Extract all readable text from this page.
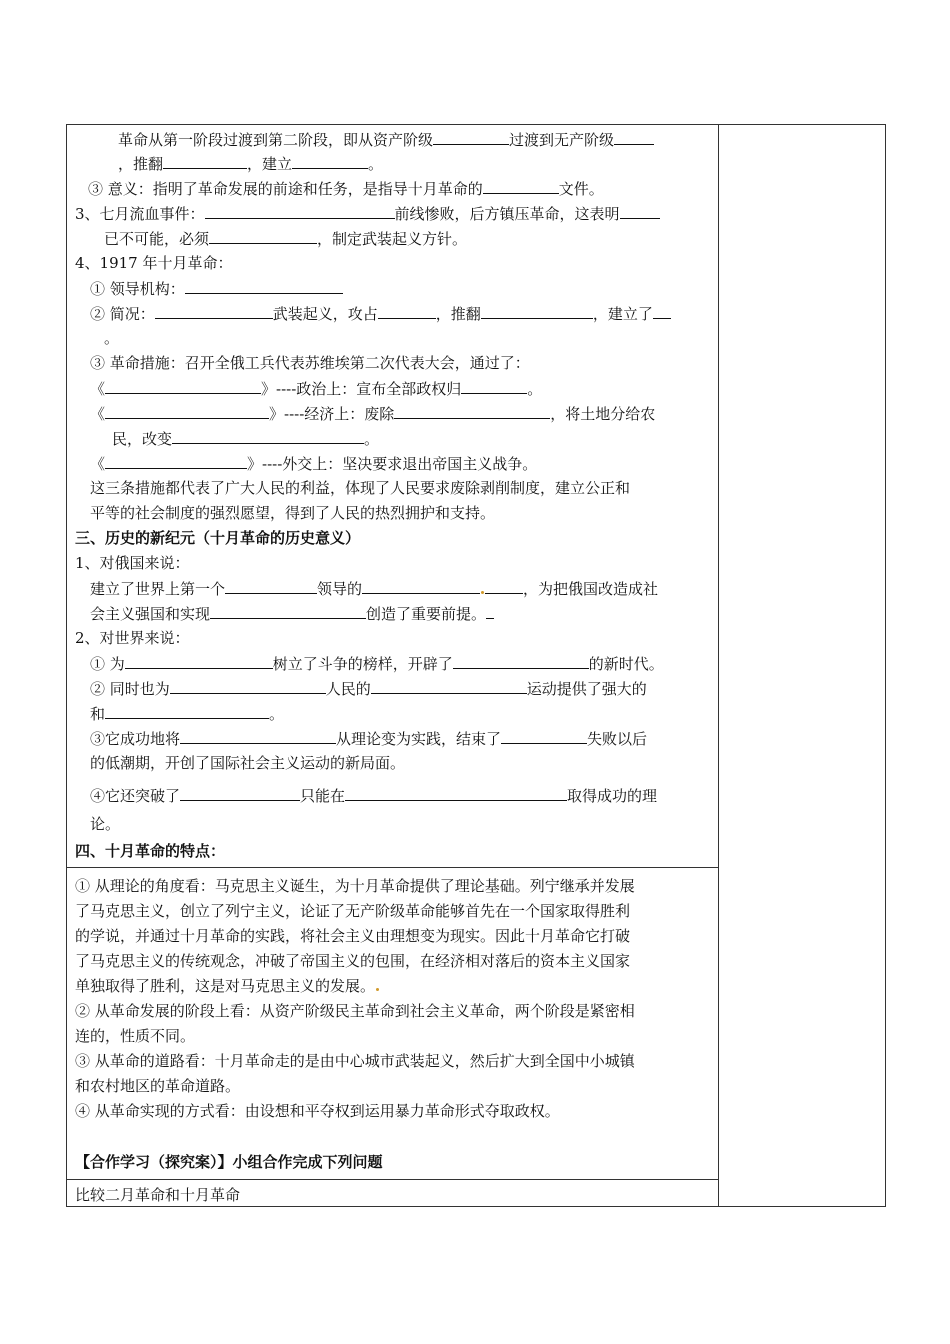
革命从第一阶段过渡到第二阶段，即从资产阶级	过渡到无产阶级
，推翻	，建立	。
③ 意义：指明了革命发展的前途和任务，是指导十月革命的	文件。
3、七月流血事件：	前线惨败，后方镇压革命，这表明
已不可能，必须	，制定武装起义方针。
4、1917 年十月革命：
① 领导机构：
② 简况：	武装起义，攻占	，推翻	，建立了
。
③ 革命措施：召开全俄工兵代表苏维埃第二次代表大会，通过了：
《	》----政治上：宣布全部政权归	。
《	》----经济上：废除	，将土地分给农
民，改变	。
《	》----外交上：坚决要求退出帝国主义战争。
这三条措施都代表了广大人民的利益，体现了人民要求废除剥削制度，建立公正和
平等的社会制度的强烈愿望，得到了人民的热烈拥护和支持。
三、历史的新纪元（十月革命的历史意义）
1、对俄国来说：
建立了世界上第一个	领导的	，为把俄国改造成社
会主义强国和实现	创造了重要前提。
2、对世界来说：
① 为	树立了斗争的榜样，开辟了	的新时代。
② 同时也为	人民的	运动提供了强大的
和	。
③它成功地将	从理论变为实践，结束了	失败以后
的低潮期，开创了国际社会主义运动的新局面。
④它还突破了	只能在	取得成功的理
论。
四、十月革命的特点：
① 从理论的角度看：马克思主义诞生，为十月革命提供了理论基础。列宁继承并发展
了马克思主义，创立了列宁主义，论证了无产阶级革命能够首先在一个国家取得胜利
的学说，并通过十月革命的实践，将社会主义由理想变为现实。因此十月革命它打破
了马克思主义的传统观念，冲破了帝国主义的包围，在经济相对落后的资本主义国家
单独取得了胜利，这是对马克思主义的发展。
② 从革命发展的阶段上看：从资产阶级民主革命到社会主义革命，两个阶段是紧密相
连的，性质不同。
③ 从革命的道路看：十月革命走的是由中心城市武装起义，然后扩大到全国中小城镇
和农村地区的革命道路。
④ 从革命实现的方式看：由设想和平夺权到运用暴力革命形式夺取政权。
【合作学习（探究案）】小组合作完成下列问题
比较二月革命和十月革命
